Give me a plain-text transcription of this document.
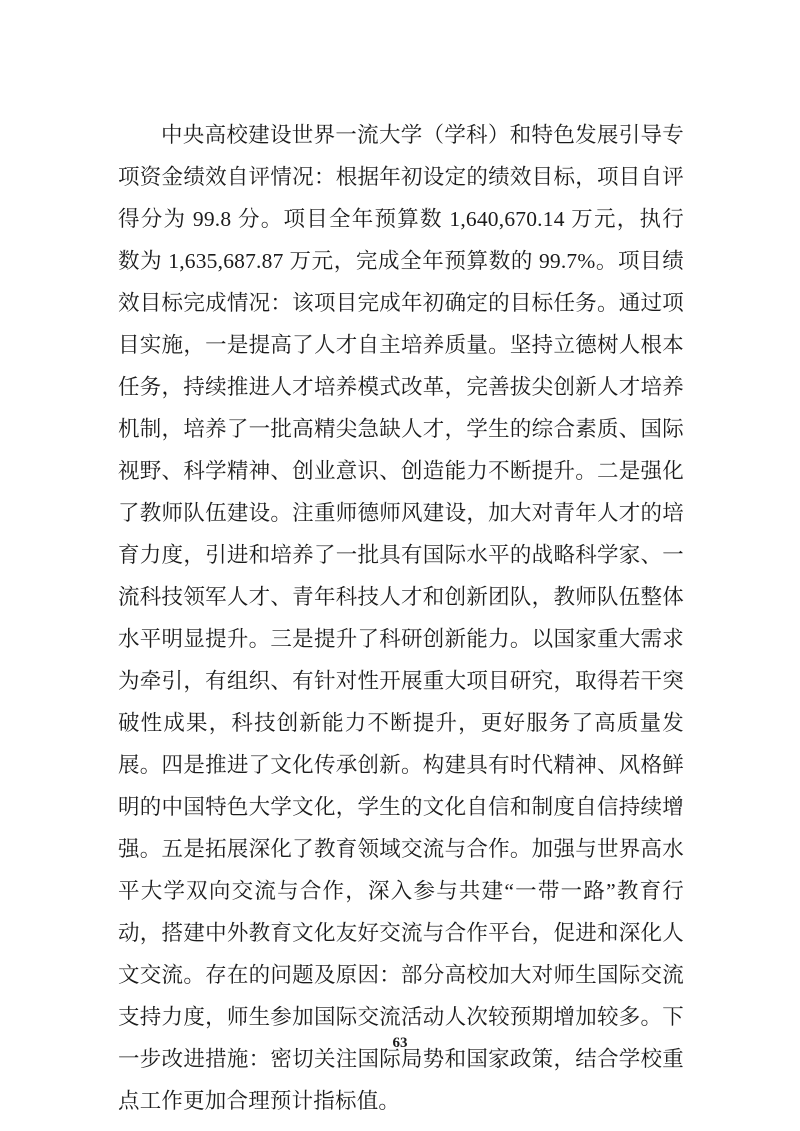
中央高校建设世界一流大学（学科）和特色发展引导专项资金绩效自评情况：根据年初设定的绩效目标，项目自评得分为 99.8 分。项目全年预算数 1,640,670.14 万元，执行数为 1,635,687.87 万元，完成全年预算数的 99.7%。项目绩效目标完成情况：该项目完成年初确定的目标任务。通过项目实施，一是提高了人才自主培养质量。坚持立德树人根本任务，持续推进人才培养模式改革，完善拔尖创新人才培养机制，培养了一批高精尖急缺人才，学生的综合素质、国际视野、科学精神、创业意识、创造能力不断提升。二是强化了教师队伍建设。注重师德师风建设，加大对青年人才的培育力度，引进和培养了一批具有国际水平的战略科学家、一流科技领军人才、青年科技人才和创新团队，教师队伍整体水平明显提升。三是提升了科研创新能力。以国家重大需求为牵引，有组织、有针对性开展重大项目研究，取得若干突破性成果，科技创新能力不断提升，更好服务了高质量发展。四是推进了文化传承创新。构建具有时代精神、风格鲜明的中国特色大学文化，学生的文化自信和制度自信持续增强。五是拓展深化了教育领域交流与合作。加强与世界高水平大学双向交流与合作，深入参与共建“一带一路”教育行动，搭建中外教育文化友好交流与合作平台，促进和深化人文交流。存在的问题及原因：部分高校加大对师生国际交流支持力度，师生参加国际交流活动人次较预期增加较多。下一步改进措施：密切关注国际局势和国家政策，结合学校重点工作更加合理预计指标值。

63
